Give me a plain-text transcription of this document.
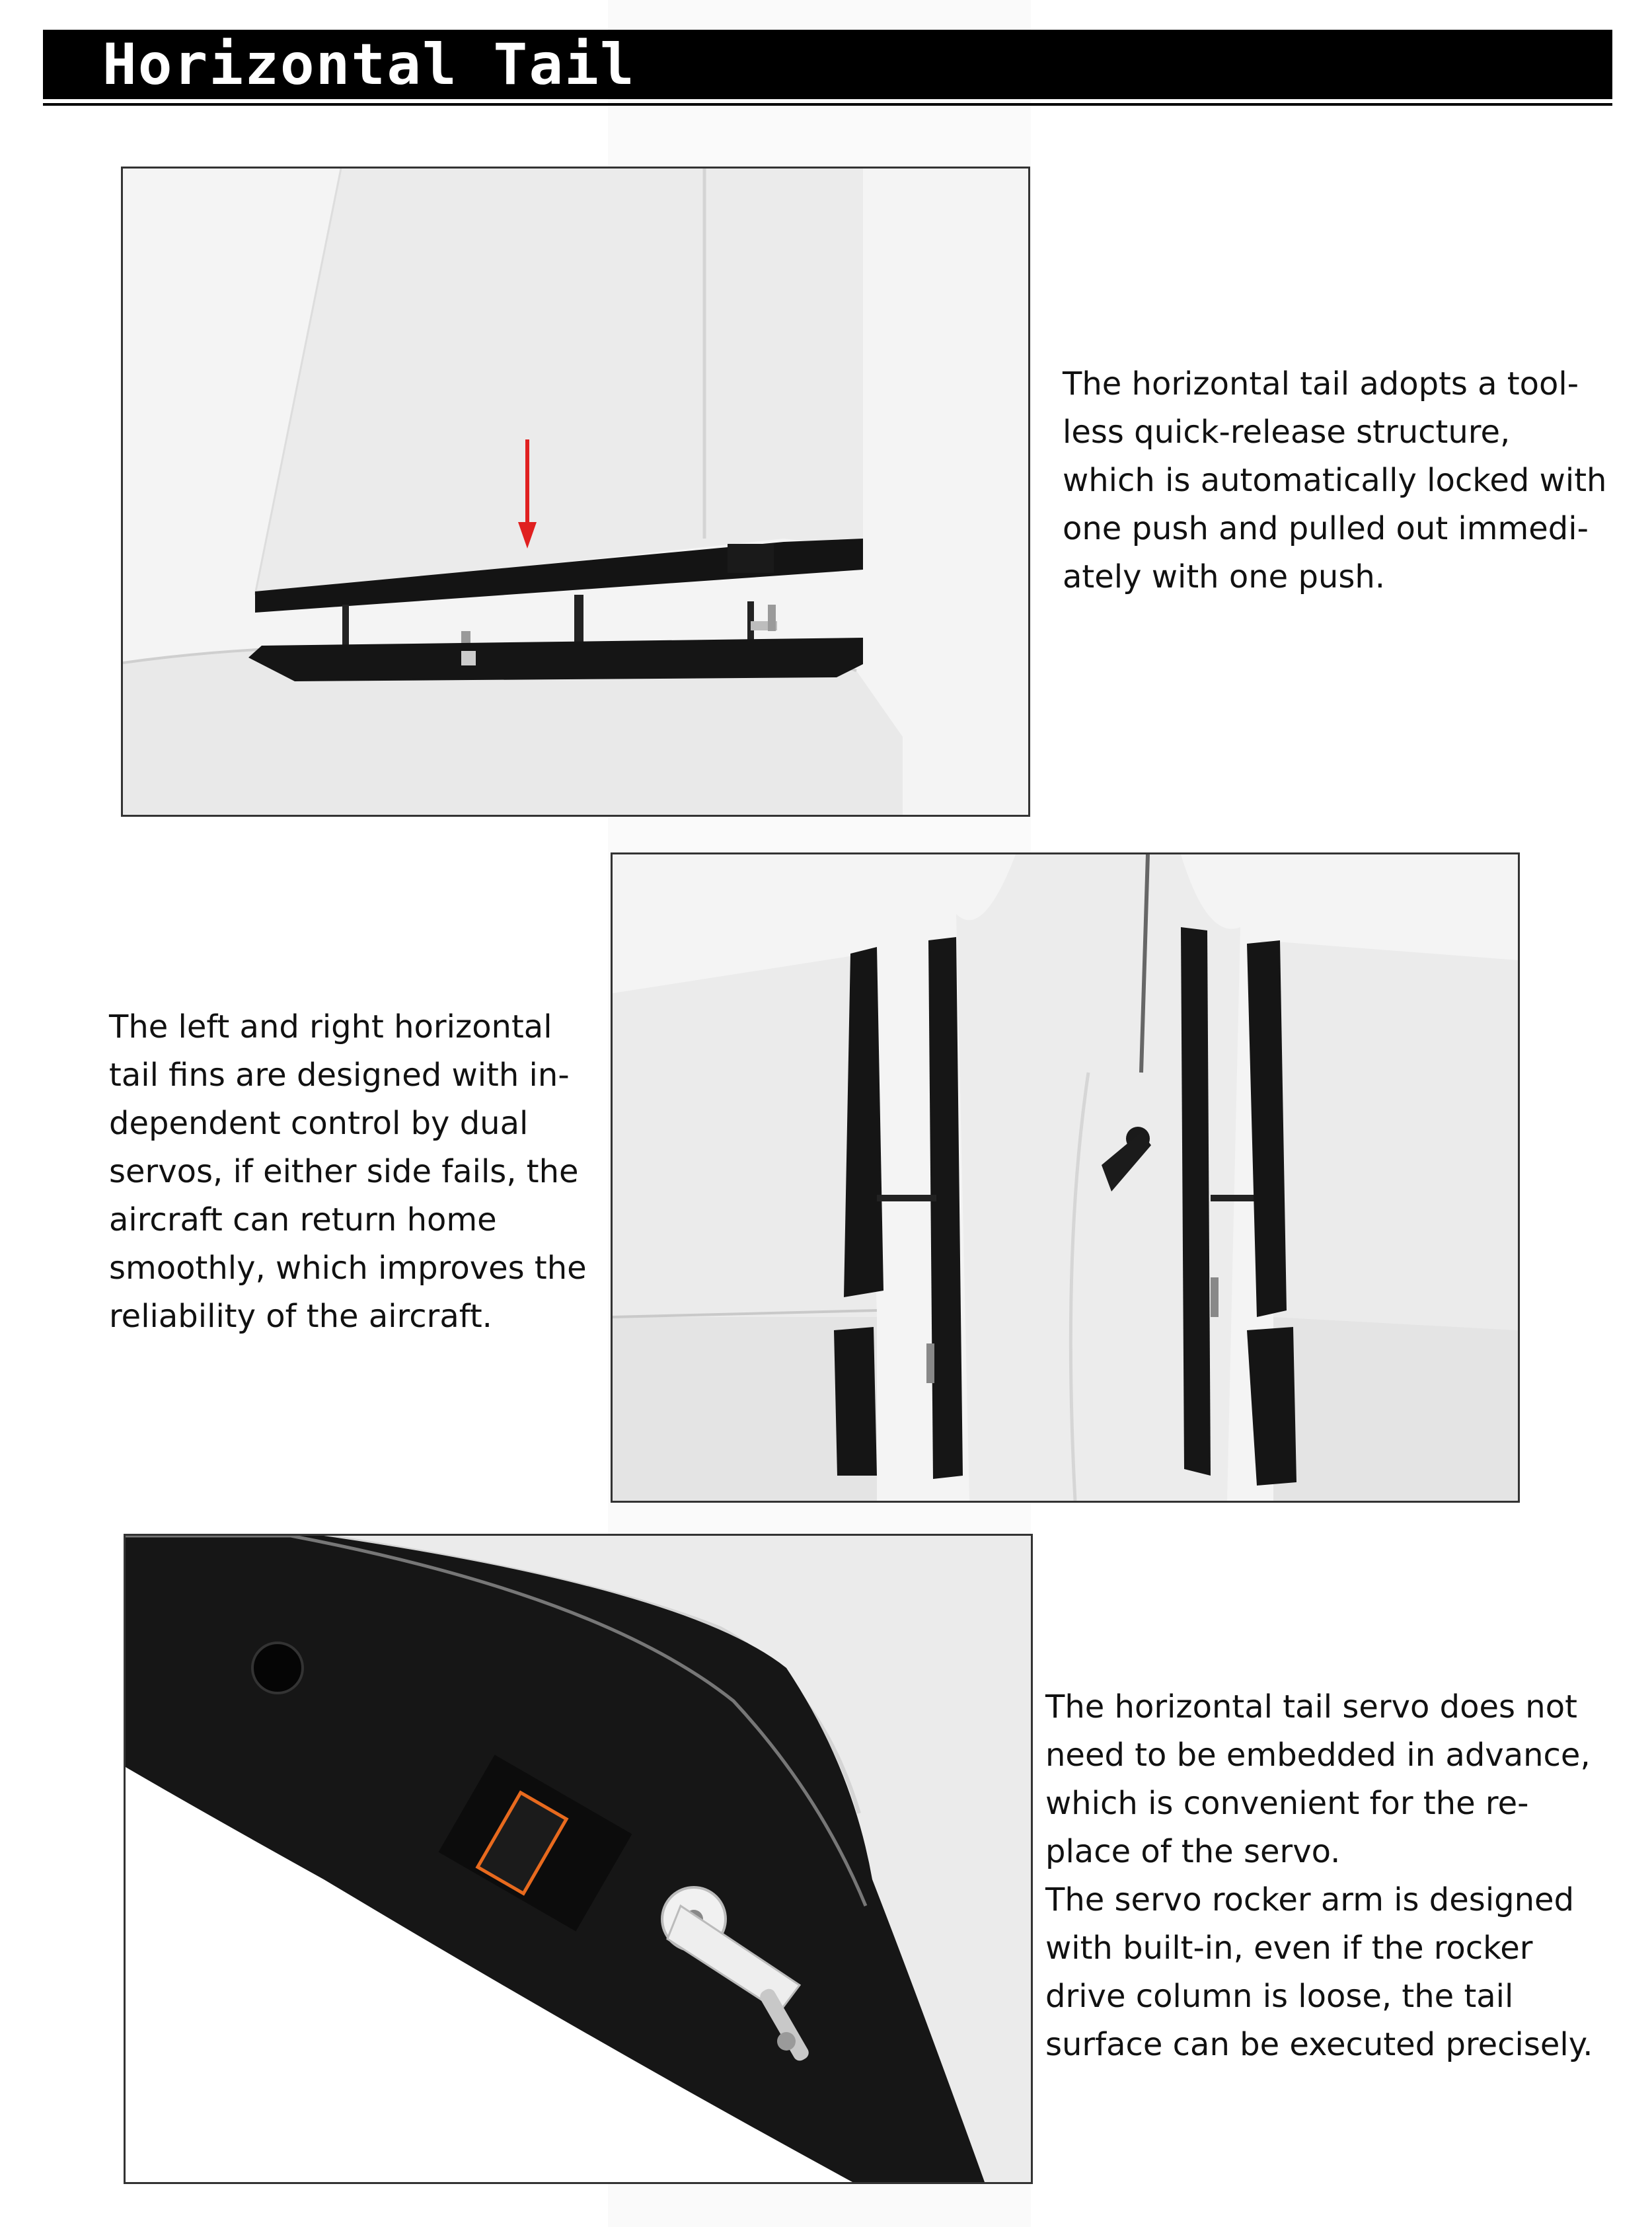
Horizontal Tail
The horizontal tail adopts a tool-
less quick-release structure,
which is automatically locked with
one push and pulled out immedi-
ately with one push.
The left and right horizontal
tail fins are designed with in-
dependent control by dual
servos, if either side fails, the
aircraft can return home
smoothly, which improves the
reliability of the aircraft.
The horizontal tail servo does not
need to be embedded in advance,
which is convenient for the re-
place of the servo.
The servo rocker arm is designed
with built-in, even if the rocker
drive column is loose, the tail
surface can be executed precisely.
